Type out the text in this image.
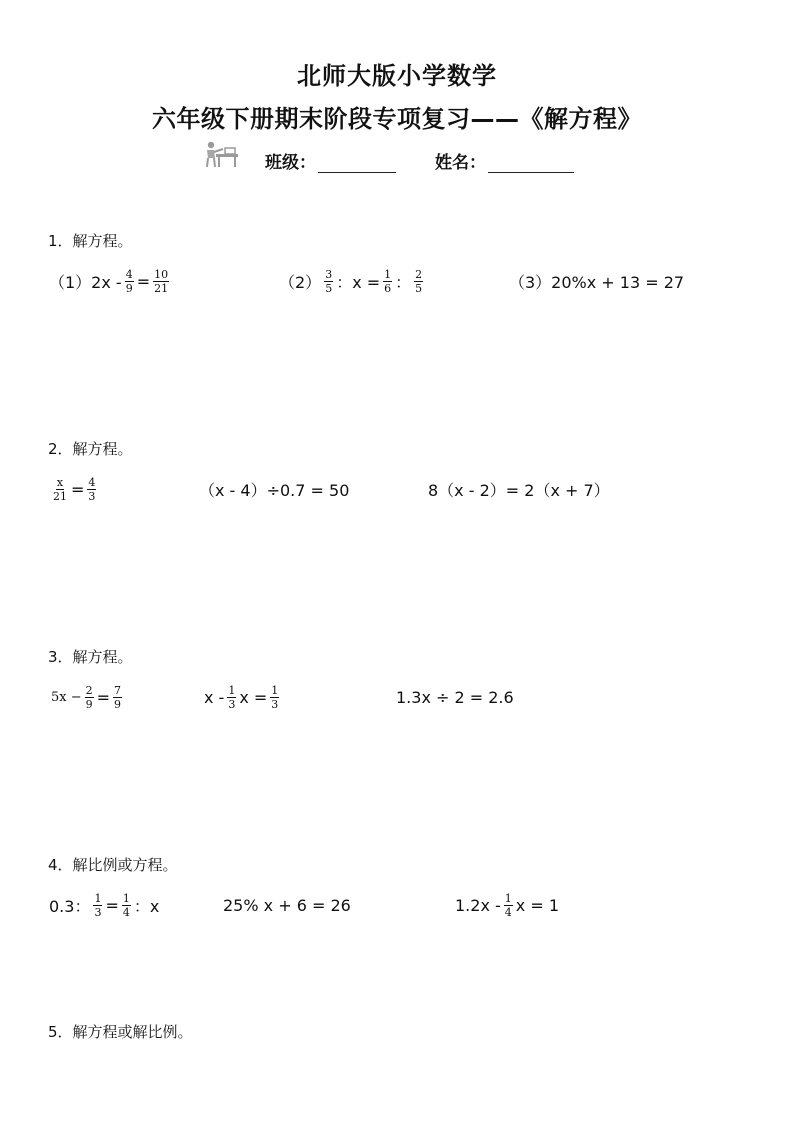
北师大版小学数学
六年级下册期末阶段专项复习——《解方程》
班级：	姓名：
1．解方程。
$(1)2x - \frac{4}{9} = \frac{10}{21}$	$(2) \frac{3}{5}$ ：$x = \frac{1}{6}$ ： $\frac{2}{5}$	（3）20%x + 13 = 27
2．解方程。
$\frac{x}{21} = \frac{4}{3}$	（x - 4）÷0.7 = 50	8（x - 2）= 2（x + 7）
3．解方程。
$5x - \frac{2}{9} = \frac{7}{9}$	x - $\frac{1}{3}$ $x = \frac{1}{3}$	1.3x ÷ 2 = 2.6
4．解比例或方程。
0.3： $\frac{1}{3} = \frac{1}{4}$ ：x	25% x + 6 = 26	$1.2x - \frac{1}{4}$ x = 1
5．解方程或解比例。
